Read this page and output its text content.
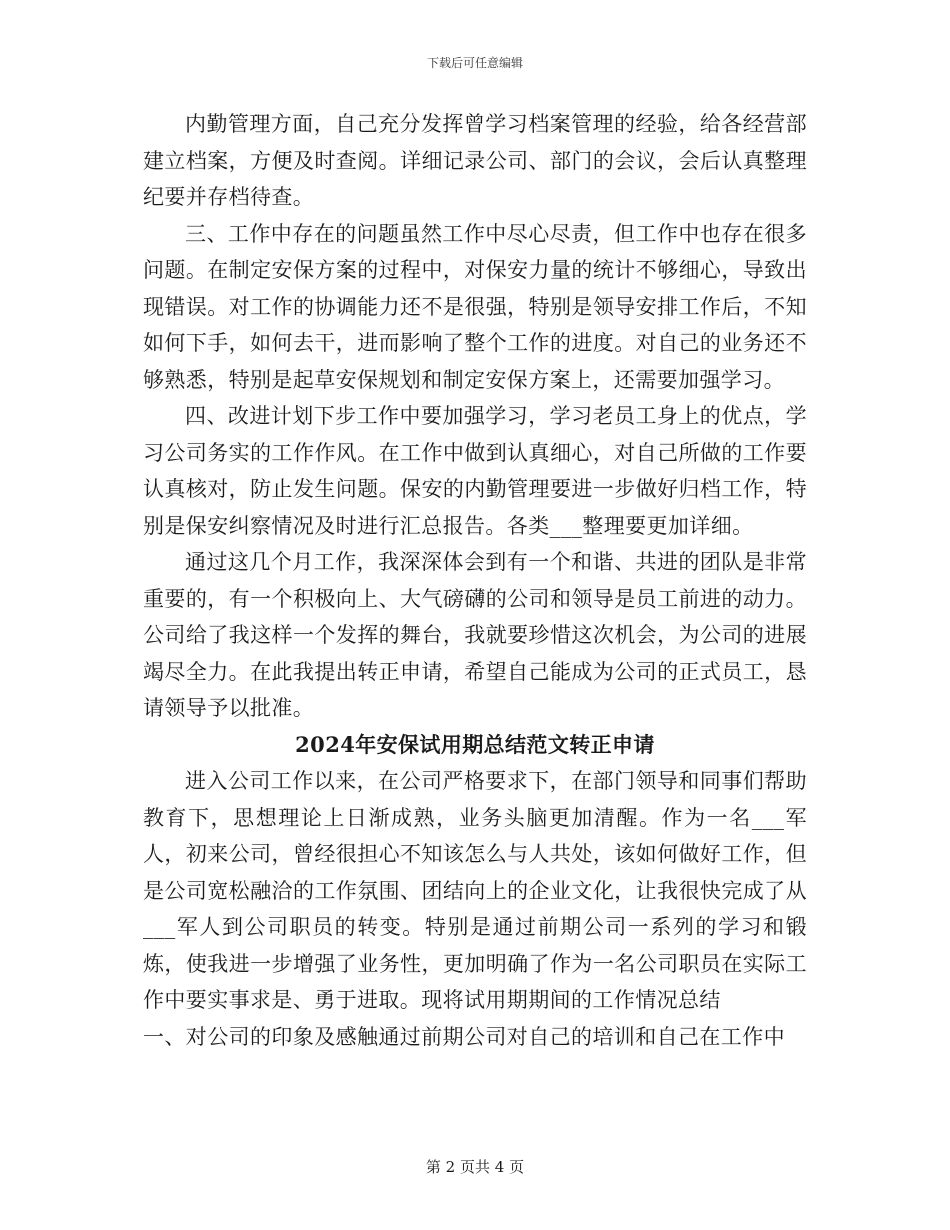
下载后可任意编辑

内勤管理方面，自己充分发挥曾学习档案管理的经验，给各经营部建立档案，方便及时查阅。详细记录公司、部门的会议，会后认真整理纪要并存档待查。

三、工作中存在的问题虽然工作中尽心尽责，但工作中也存在很多问题。在制定安保方案的过程中，对保安力量的统计不够细心，导致出现错误。对工作的协调能力还不是很强，特别是领导安排工作后，不知如何下手，如何去干，进而影响了整个工作的进度。对自己的业务还不够熟悉，特别是起草安保规划和制定安保方案上，还需要加强学习。

四、改进计划下步工作中要加强学习，学习老员工身上的优点，学习公司务实的工作作风。在工作中做到认真细心，对自己所做的工作要认真核对，防止发生问题。保安的内勤管理要进一步做好归档工作，特别是保安纠察情况及时进行汇总报告。各类___整理要更加详细。

通过这几个月工作，我深深体会到有一个和谐、共进的团队是非常重要的，有一个积极向上、大气磅礴的公司和领导是员工前进的动力。公司给了我这样一个发挥的舞台，我就要珍惜这次机会，为公司的进展竭尽全力。在此我提出转正申请，希望自己能成为公司的正式员工，恳请领导予以批准。

2024年安保试用期总结范文转正申请

进入公司工作以来，在公司严格要求下，在部门领导和同事们帮助教育下，思想理论上日渐成熟，业务头脑更加清醒。作为一名___军人，初来公司，曾经很担心不知该怎么与人共处，该如何做好工作，但是公司宽松融洽的工作氛围、团结向上的企业文化，让我很快完成了从___军人到公司职员的转变。特别是通过前期公司一系列的学习和锻炼，使我进一步增强了业务性，更加明确了作为一名公司职员在实际工作中要实事求是、勇于进取。现将试用期期间的工作情况总结

一、对公司的印象及感触通过前期公司对自己的培训和自己在工作中

第 2 页共 4 页
